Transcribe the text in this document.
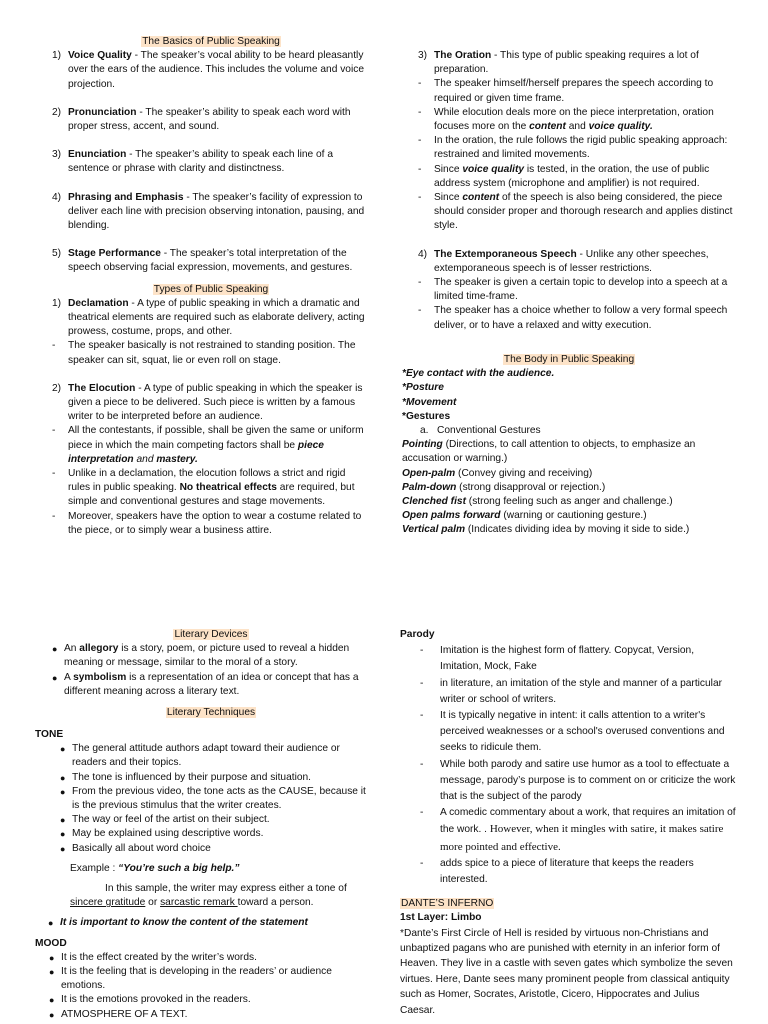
The Basics of Public Speaking
1) Voice Quality - The speaker’s vocal ability to be heard pleasantly over the ears of the audience. This includes the volume and voice projection.
2) Pronunciation - The speaker’s ability to speak each word with proper stress, accent, and sound.
3) Enunciation - The speaker’s ability to speak each line of a sentence or phrase with clarity and distinctness.
4) Phrasing and Emphasis - The speaker’s facility of expression to deliver each line with precision observing intonation, pausing, and blending.
5) Stage Performance - The speaker’s total interpretation of the speech observing facial expression, movements, and gestures.
Types of Public Speaking
1) Declamation - A type of public speaking in which a dramatic and theatrical elements are required such as elaborate delivery, acting prowess, costume, props, and other.
- The speaker basically is not restrained to standing position. The speaker can sit, squat, lie or even roll on stage.
2) The Elocution - A type of public speaking in which the speaker is given a piece to be delivered. Such piece is written by a famous writer to be interpreted before an audience.
- All the contestants, if possible, shall be given the same or uniform piece in which the main competing factors shall be piece interpretation and mastery.
- Unlike in a declamation, the elocution follows a strict and rigid rules in public speaking. No theatrical effects are required, but simple and conventional gestures and stage movements.
- Moreover, speakers have the option to wear a costume related to the piece, or to simply wear a business attire.
3) The Oration - This type of public speaking requires a lot of preparation.
- The speaker himself/herself prepares the speech according to required or given time frame.
- While elocution deals more on the piece interpretation, oration focuses more on the content and voice quality.
- In the oration, the rule follows the rigid public speaking approach: restrained and limited movements.
- Since voice quality is tested, in the oration, the use of public address system (microphone and amplifier) is not required.
- Since content of the speech is also being considered, the piece should consider proper and thorough research and applies distinct style.
4) The Extemporaneous Speech - Unlike any other speeches, extemporaneous speech is of lesser restrictions.
- The speaker is given a certain topic to develop into a speech at a limited time-frame.
- The speaker has a choice whether to follow a very formal speech deliver, or to have a relaxed and witty execution.
The Body in Public Speaking
*Eye contact with the audience.
*Posture
*Movement
*Gestures
a. Conventional Gestures
Pointing (Directions, to call attention to objects, to emphasize an accusation or warning.)
Open-palm (Convey giving and receiving)
Palm-down (strong disapproval or rejection.)
Clenched fist (strong feeling such as anger and challenge.)
Open palms forward (warning or cautioning gesture.)
Vertical palm (Indicates dividing idea by moving it side to side.)
Literary Devices
● An allegory is a story, poem, or picture used to reveal a hidden meaning or message, similar to the moral of a story.
● A symbolism is a representation of an idea or concept that has a different meaning across a literary text.
Literary Techniques
TONE
● The general attitude authors adapt toward their audience or readers and their topics.
● The tone is influenced by their purpose and situation.
● From the previous video, the tone acts as the CAUSE, because it is the previous stimulus that the writer creates.
● The way or feel of the artist on their subject.
● May be explained using descriptive words.
● Basically all about word choice
Example : “You’re such a big help.”
In this sample, the writer may express either a tone of sincere gratitude or sarcastic remark toward a person.
● It is important to know the content of the statement
MOOD
● It is the effect created by the writer’s words.
● It is the feeling that is developing in the readers’ or audience emotions.
● It is the emotions provoked in the readers.
● ATMOSPHERE OF A TEXT.
Parody
- Imitation is the highest form of flattery. Copycat, Version, Imitation, Mock, Fake
- in literature, an imitation of the style and manner of a particular writer or school of writers.
- It is typically negative in intent: it calls attention to a writer's perceived weaknesses or a school's overused conventions and seeks to ridicule them.
- While both parody and satire use humor as a tool to effectuate a message, parody’s purpose is to comment on or criticize the work that is the subject of the parody
- A comedic commentary about a work, that requires an imitation of the work. . However, when it mingles with satire, it makes satire more pointed and effective.
- adds spice to a piece of literature that keeps the readers interested.
DANTE’S INFERNO
1st Layer: Limbo
*Dante’s First Circle of Hell is resided by virtuous non-Christians and unbaptized pagans who are punished with eternity in an inferior form of Heaven. They live in a castle with seven gates which symbolize the seven virtues. Here, Dante sees many prominent people from classical antiquity such as Homer, Socrates, Aristotle, Cicero, Hippocrates and Julius Caesar.
